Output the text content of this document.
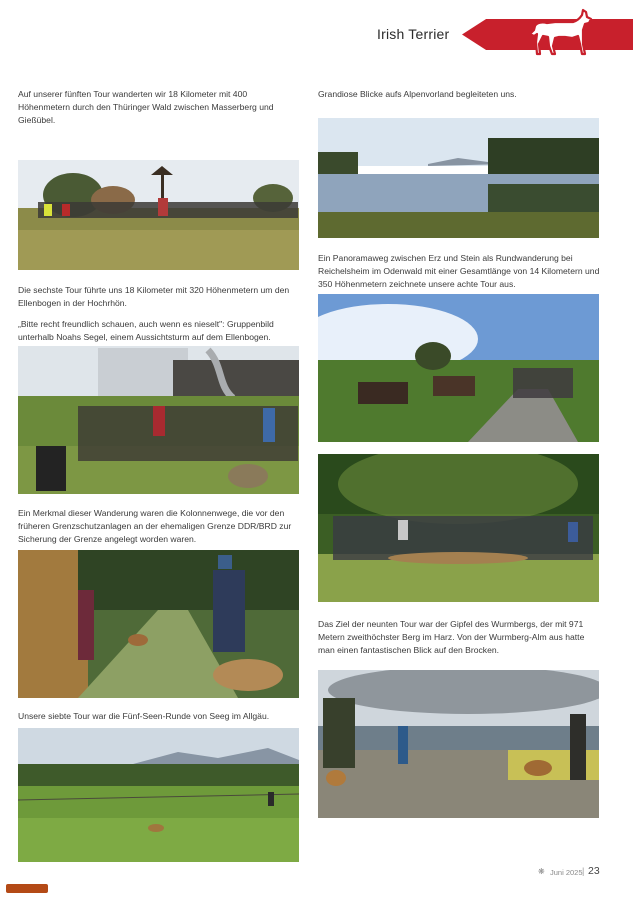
Irish Terrier
Auf unserer fünften Tour wanderten wir 18 Kilometer mit 400 Höhenmetern durch den Thüringer Wald zwischen Masserberg und Gießübel.
Die sechste Tour führte uns 18 Kilometer mit 320 Höhenmetern um den Ellenbogen in der Hochrhön.
„Bitte recht freundlich schauen, auch wenn es nieselt": Gruppenbild unterhalb Noahs Segel, einem Aussichtsturm auf dem Ellenbogen.
Ein Merkmal dieser Wanderung waren die Kolonnenwege, die vor den früheren Grenzschutzanlagen an der ehemaligen Grenze DDR/BRD zur Sicherung der Grenze angelegt worden waren.
Unsere siebte Tour war die Fünf-Seen-Runde von Seeg im Allgäu.
Grandiose Blicke aufs Alpenvorland begleiteten uns.
Ein Panoramaweg zwischen Erz und Stein als Rundwanderung bei Reichelsheim im Odenwald mit einer Gesamtlänge von 14 Kilometern und 350 Höhenmetern zeichnete unsere achte Tour aus.
Das Ziel der neunten Tour war der Gipfel des Wurmbergs, der mit 971 Metern zweithöchster Berg im Harz. Von der Wurmberg-Alm aus hatte man einen fantastischen Blick auf den Brocken.
❋ Juni 2025 | 23
